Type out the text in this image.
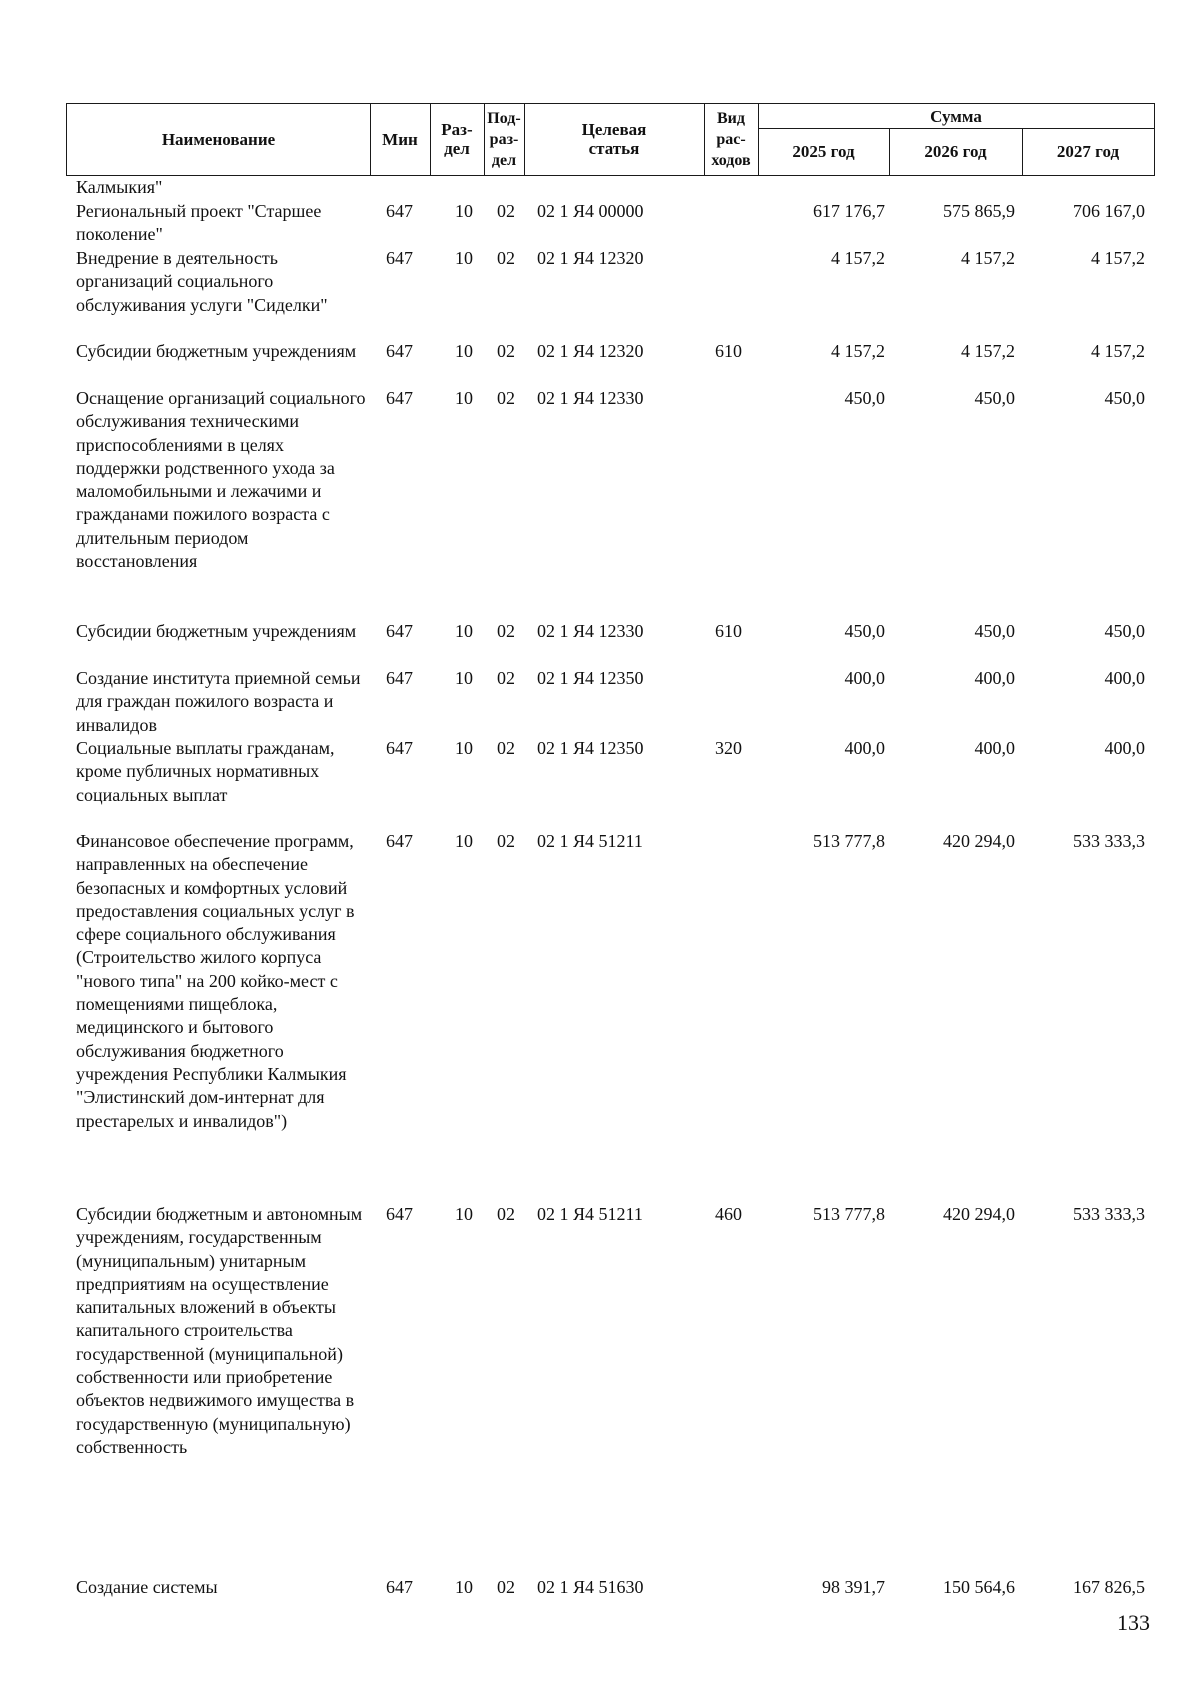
Наименование	Мин	Раз-
дел
Под-
раз-
дел
Целевая
статья
Вид
рас-
ходов
Сумма
2025 год	2026 год	2027 год
Калмыкия"
Региональный проект "Старшее поколение"
647 10 02 02 1 Я4 00000	617 176,7	575 865,9	706 167,0
Внедрение в деятельность организаций социального обслуживания услуги "Сиделки"
647 10 02 02 1 Я4 12320	4 157,2	4 157,2	4 157,2
Субсидии бюджетным учреждениям	647 10 02 02 1 Я4 12320	610	4 157,2	4 157,2	4 157,2
Оснащение организаций социального обслуживания техническими приспособлениями в целях поддержки родственного ухода за маломобильными и лежачими и гражданами пожилого возраста с длительным периодом восстановления
647 10 02 02 1 Я4 12330	450,0	450,0	450,0
Субсидии бюджетным учреждениям	647 10 02 02 1 Я4 12330	610	450,0	450,0	450,0
Создание института приемной семьи для граждан пожилого возраста и инвалидов
647 10 02 02 1 Я4 12350	400,0	400,0	400,0
Социальные выплаты гражданам, кроме публичных нормативных социальных выплат
647 10 02 02 1 Я4 12350	320	400,0	400,0	400,0
Финансовое обеспечение программ, направленных на обеспечение безопасных и комфортных условий предоставления социальных услуг в сфере социального обслуживания (Строительство жилого корпуса "нового типа" на 200 койко-мест с помещениями пищеблока, медицинского и бытового обслуживания бюджетного учреждения Республики Калмыкия "Элистинский дом-интернат для престарелых и инвалидов")
647 10 02 02 1 Я4 51211	513 777,8	420 294,0	533 333,3
Субсидии бюджетным и автономным учреждениям, государственным (муниципальным) унитарным предприятиям на осуществление капитальных вложений в объекты капитального строительства государственной (муниципальной) собственности или приобретение объектов недвижимого имущества в государственную (муниципальную) собственность
647 10 02 02 1 Я4 51211	460	513 777,8	420 294,0	533 333,3
Создание системы	647 10 02 02 1 Я4 51630	98 391,7	150 564,6	167 826,5
133
